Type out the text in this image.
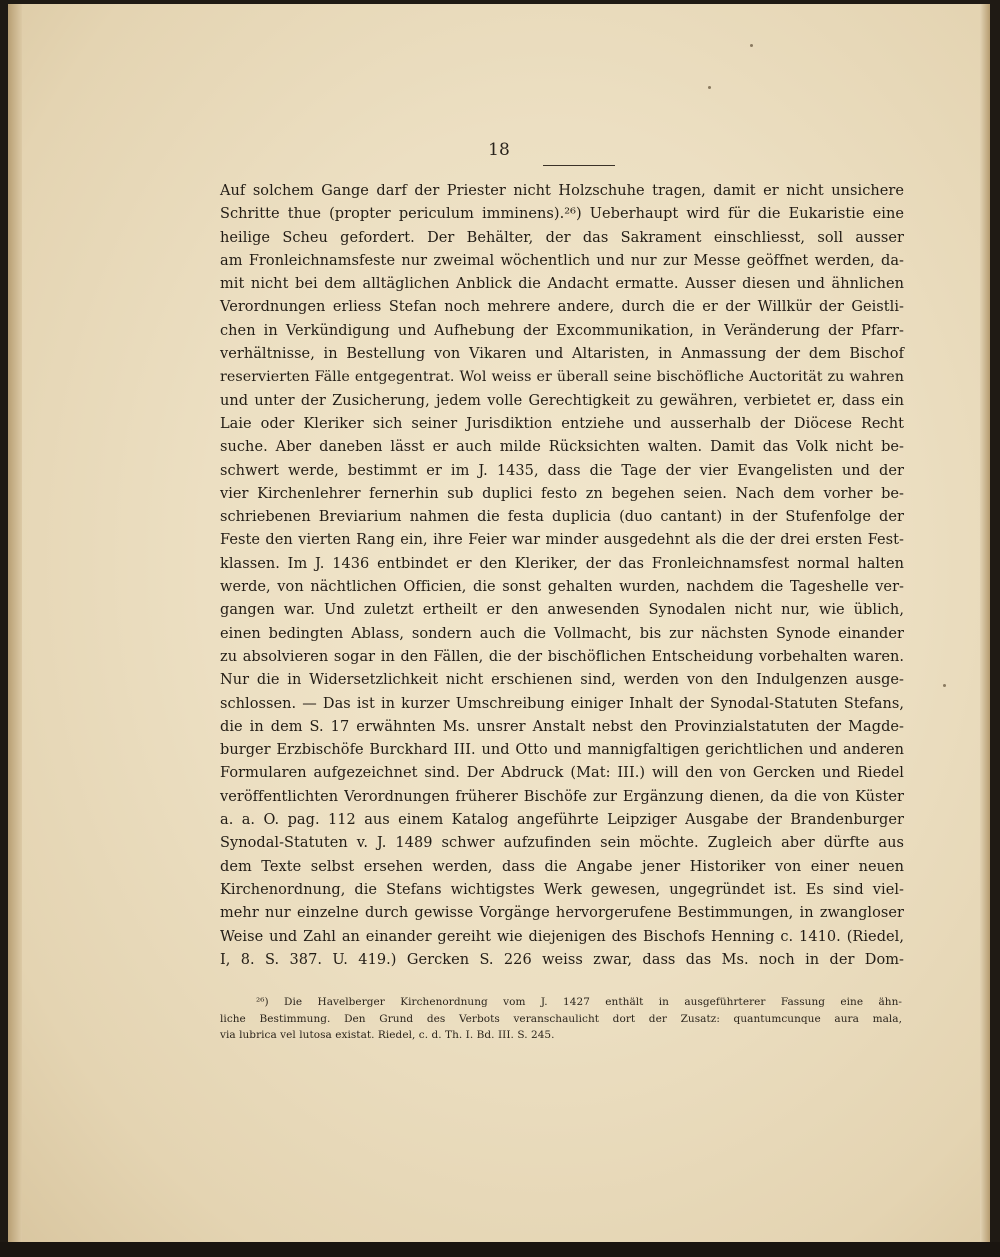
18
Auf solchem Gange darf der Priester nicht Holzschuhe tragen, damit er nicht unsichere
Schritte thue (propter periculum imminens).²⁶) Ueberhaupt wird für die Eukaristie eine
heilige Scheu gefordert. Der Behälter, der das Sakrament einschliesst, soll ausser
am Fronleichnamsfeste nur zweimal wöchentlich und nur zur Messe geöffnet werden, da-
mit nicht bei dem alltäglichen Anblick die Andacht ermatte. Ausser diesen und ähnlichen
Verordnungen erliess Stefan noch mehrere andere, durch die er der Willkür der Geistli-
chen in Verkündigung und Aufhebung der Excommunikation, in Veränderung der Pfarr-
verhältnisse, in Bestellung von Vikaren und Altaristen, in Anmassung der dem Bischof
reservierten Fälle entgegentrat. Wol weiss er überall seine bischöfliche Auctorität zu wahren
und unter der Zusicherung, jedem volle Gerechtigkeit zu gewähren, verbietet er, dass ein
Laie oder Kleriker sich seiner Jurisdiktion entziehe und ausserhalb der Diöcese Recht
suche. Aber daneben lässt er auch milde Rücksichten walten. Damit das Volk nicht be-
schwert werde, bestimmt er im J. 1435, dass die Tage der vier Evangelisten und der
vier Kirchenlehrer fernerhin sub duplici festo zn begehen seien. Nach dem vorher be-
schriebenen Breviarium nahmen die festa duplicia (duo cantant) in der Stufenfolge der
Feste den vierten Rang ein, ihre Feier war minder ausgedehnt als die der drei ersten Fest-
klassen. Im J. 1436 entbindet er den Kleriker, der das Fronleichnamsfest normal halten
werde, von nächtlichen Officien, die sonst gehalten wurden, nachdem die Tageshelle ver-
gangen war. Und zuletzt ertheilt er den anwesenden Synodalen nicht nur, wie üblich,
einen bedingten Ablass, sondern auch die Vollmacht, bis zur nächsten Synode einander
zu absolvieren sogar in den Fällen, die der bischöflichen Entscheidung vorbehalten waren.
Nur die in Widersetzlichkeit nicht erschienen sind, werden von den Indulgenzen ausge-
schlossen. — Das ist in kurzer Umschreibung einiger Inhalt der Synodal-Statuten Stefans,
die in dem S. 17 erwähnten Ms. unsrer Anstalt nebst den Provinzialstatuten der Magde-
burger Erzbischöfe Burckhard III. und Otto und mannigfaltigen gerichtlichen und anderen
Formularen aufgezeichnet sind. Der Abdruck (Mat: III.) will den von Gercken und Riedel
veröffentlichten Verordnungen früherer Bischöfe zur Ergänzung dienen, da die von Küster
a. a. O. pag. 112 aus einem Katalog angeführte Leipziger Ausgabe der Brandenburger
Synodal-Statuten v. J. 1489 schwer aufzufinden sein möchte. Zugleich aber dürfte aus
dem Texte selbst ersehen werden, dass die Angabe jener Historiker von einer neuen
Kirchenordnung, die Stefans wichtigstes Werk gewesen, ungegründet ist. Es sind viel-
mehr nur einzelne durch gewisse Vorgänge hervorgerufene Bestimmungen, in zwangloser
Weise und Zahl an einander gereiht wie diejenigen des Bischofs Henning c. 1410. (Riedel,
I, 8. S. 387. U. 419.) Gercken S. 226 weiss zwar, dass das Ms. noch in der Dom-
²⁶) Die Havelberger Kirchenordnung vom J. 1427 enthält in ausgeführterer Fassung eine ähn-
liche Bestimmung. Den Grund des Verbots veranschaulicht dort der Zusatz: quantumcunque aura mala,
via lubrica vel lutosa existat. Riedel, c. d. Th. I. Bd. III. S. 245.
